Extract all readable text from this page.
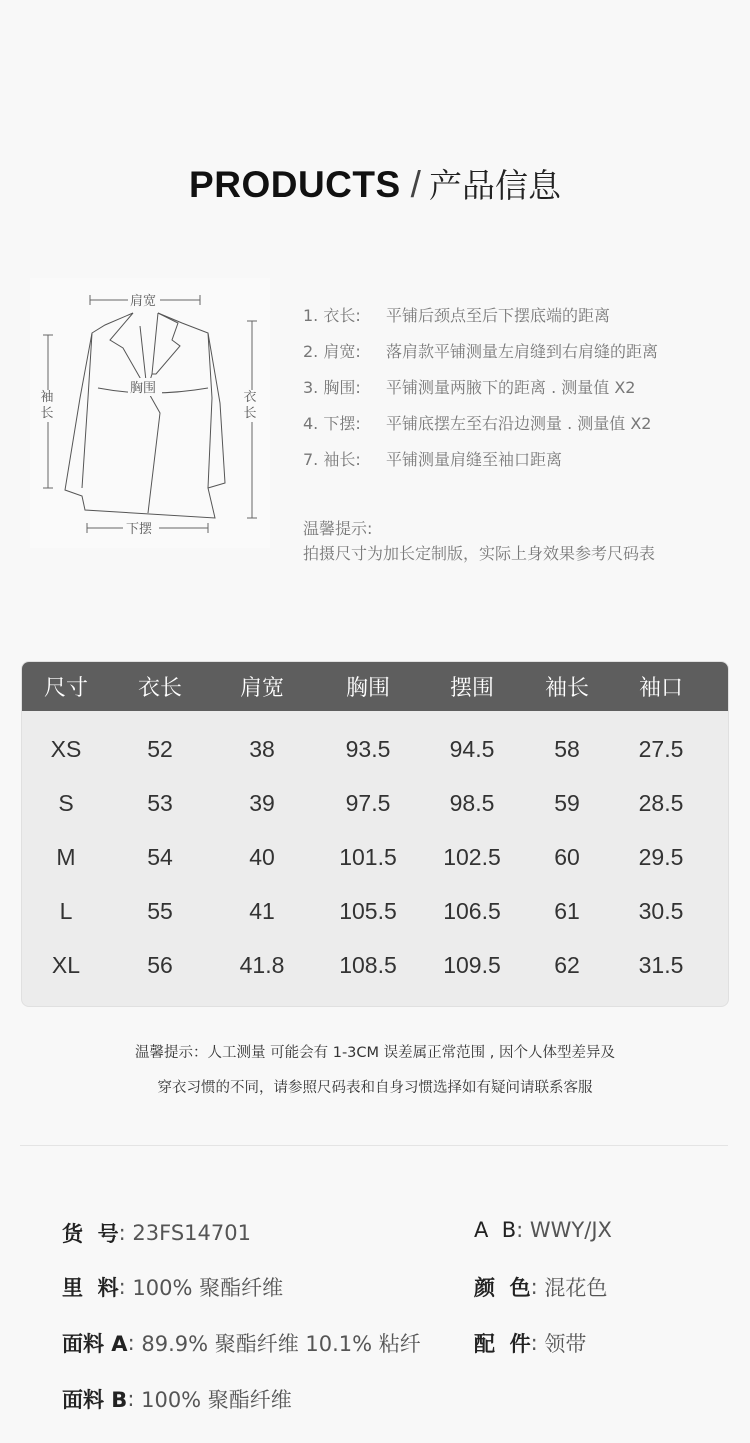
PRODUCTS / 产品信息
肩宽
胸围
下摆
袖长
衣长
1. 衣长:	平铺后颈点至后下摆底端的距离
2. 肩宽:	落肩款平铺测量左肩缝到右肩缝的距离
3. 胸围:	平铺测量两腋下的距离 . 测量值 X2
4. 下摆:	平铺底摆左至右沿边测量 . 测量值 X2
7. 袖长:	平铺测量肩缝至袖口距离
温馨提示:
拍摄尺寸为加长定制版，实际上身效果参考尺码表
尺寸	衣长	肩宽	胸围	摆围	袖长	袖口
XS	52	38	93.5	94.5	58	27.5
S	53	39	97.5	98.5	59	28.5
M	54	40	101.5	102.5	60	29.5
L	55	41	105.5	106.5	61	30.5
XL	56	41.8	108.5	109.5	62	31.5
温馨提示：人工测量 可能会有 1-3CM 误差属正常范围 , 因个人体型差异及
穿衣习惯的不同，请参照尺码表和自身习惯选择如有疑问请联系客服
货  号 : 23FS14701	A  B : WWY/JX
里  料 : 100% 聚酯纤维	颜  色 : 混花色
面料 A : 89.9% 聚酯纤维 10.1% 粘纤	配  件 : 领带
面料 B : 100% 聚酯纤维
